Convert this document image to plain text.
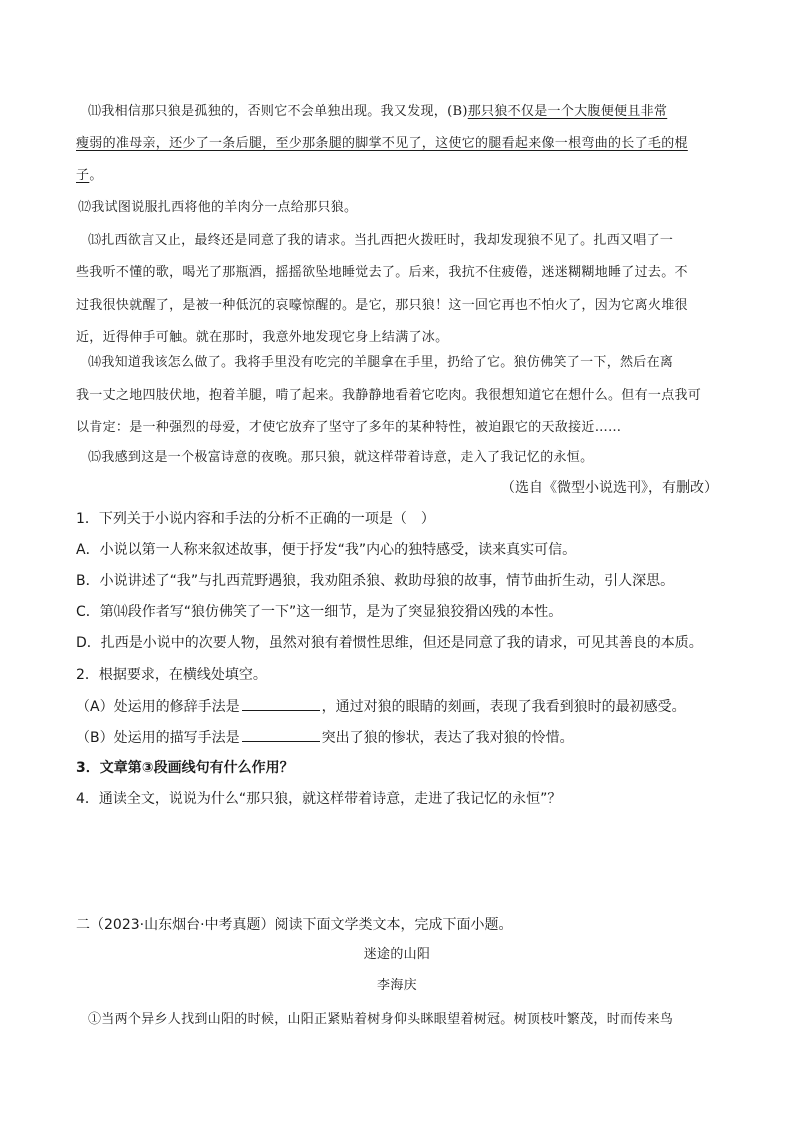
⑾我相信那只狼是孤独的，否则它不会单独出现。我又发现，(B)那只狼不仅是一个大腹便便且非常
瘦弱的准母亲，还少了一条后腿，至少那条腿的脚掌不见了，这使它的腿看起来像一根弯曲的长了毛的棍
子。
⑿我试图说服扎西将他的羊肉分一点给那只狼。
⒀扎西欲言又止，最终还是同意了我的请求。当扎西把火拨旺时，我却发现狼不见了。扎西又唱了一
些我听不懂的歌，喝光了那瓶酒，摇摇欲坠地睡觉去了。后来，我抗不住疲倦，迷迷糊糊地睡了过去。不
过我很快就醒了，是被一种低沉的哀嚎惊醒的。是它，那只狼！这一回它再也不怕火了，因为它离火堆很
近，近得伸手可触。就在那时，我意外地发现它身上结满了冰。
⒁我知道我该怎么做了。我将手里没有吃完的羊腿拿在手里，扔给了它。狼仿佛笑了一下，然后在离
我一丈之地四肢伏地，抱着羊腿，啃了起来。我静静地看着它吃肉。我很想知道它在想什么。但有一点我可
以肯定：是一种强烈的母爱，才使它放弃了坚守了多年的某种特性，被迫跟它的天敌接近……
⒂我感到这是一个极富诗意的夜晚。那只狼，就这样带着诗意，走入了我记忆的永恒。
（选自《微型小说选刊》，有删改）
1．下列关于小说内容和手法的分析不正确的一项是（　）
A．小说以第一人称来叙述故事，便于抒发“我”内心的独特感受，读来真实可信。
B．小说讲述了“我”与扎西荒野遇狼，我劝阻杀狼、救助母狼的故事，情节曲折生动，引人深思。
C．第⒁段作者写“狼仿佛笑了一下”这一细节，是为了突显狼狡猾凶残的本性。
D．扎西是小说中的次要人物，虽然对狼有着惯性思维，但还是同意了我的请求，可见其善良的本质。
2．根据要求，在横线处填空。
（A）处运用的修辞手法是	，通过对狼的眼睛的刻画，表现了我看到狼时的最初感受。
（B）处运用的描写手法是	突出了狼的惨状，表达了我对狼的怜惜。
3．文章第③段画线句有什么作用？
4．通读全文，说说为什么“那只狼，就这样带着诗意，走进了我记忆的永恒”？
二（2023·山东烟台·中考真题）阅读下面文学类文本，完成下面小题。
迷途的山阳
李海庆
①当两个异乡人找到山阳的时候，山阳正紧贴着树身仰头眯眼望着树冠。树顶枝叶繁茂，时而传来鸟
